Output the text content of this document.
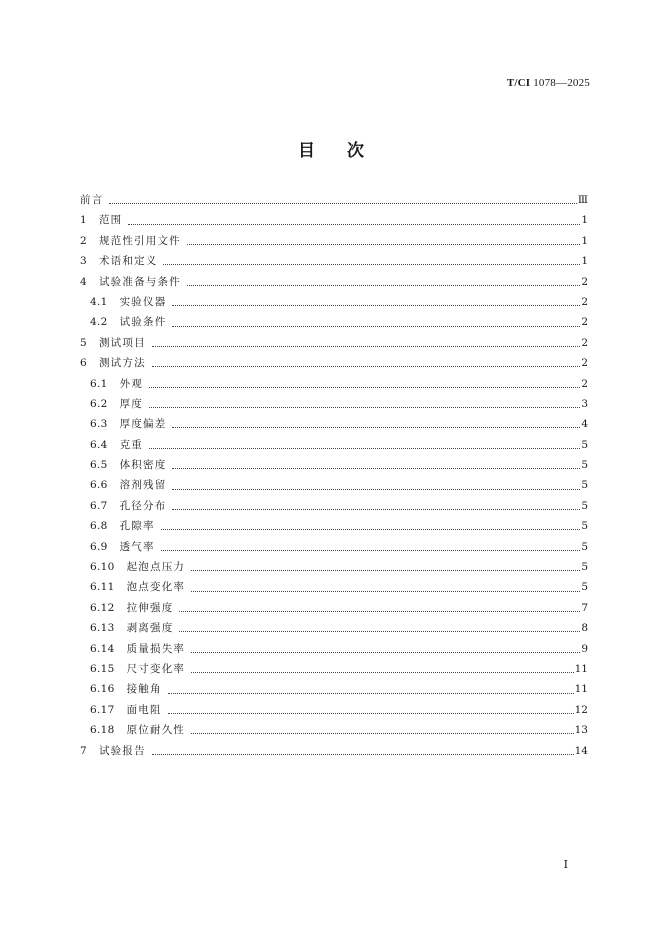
T/CI 1078—2025
目次
前言	Ⅲ
1 范围	1
2 规范性引用文件	1
3 术语和定义	1
4 试验准备与条件	2
4.1 实验仪器	2
4.2 试验条件	2
5 测试项目	2
6 测试方法	2
6.1 外观	2
6.2 厚度	3
6.3 厚度偏差	4
6.4 克重	5
6.5 体积密度	5
6.6 溶剂残留	5
6.7 孔径分布	5
6.8 孔隙率	5
6.9 透气率	5
6.10 起泡点压力	5
6.11 泡点变化率	5
6.12 拉伸强度	7
6.13 剥离强度	8
6.14 质量损失率	9
6.15 尺寸变化率	11
6.16 接触角	11
6.17 面电阻	12
6.18 原位耐久性	13
7 试验报告	14
I
